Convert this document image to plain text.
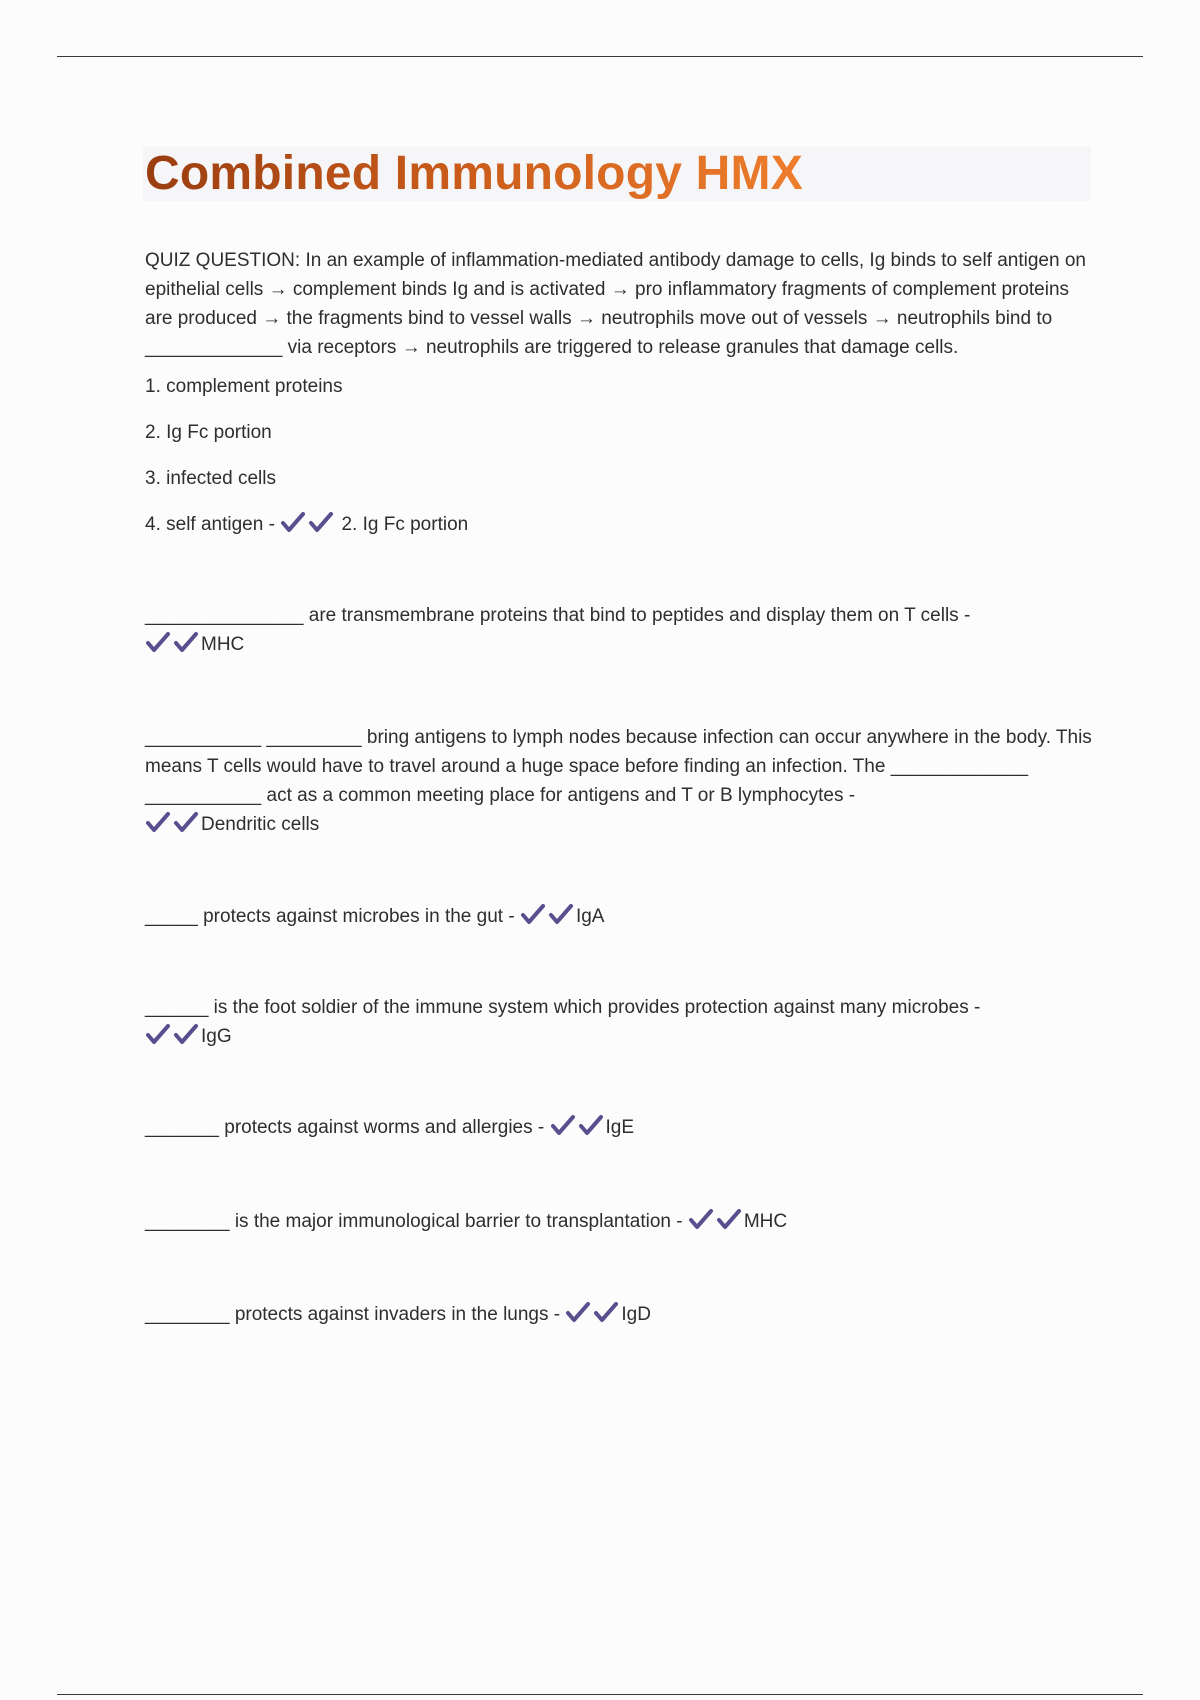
Combined Immunology HMX

QUIZ QUESTION: In an example of inflammation-mediated antibody damage to cells, Ig binds to self antigen on epithelial cells → complement binds Ig and is activated → pro inflammatory fragments of complement proteins are produced → the fragments bind to vessel walls → neutrophils move out of vessels → neutrophils bind to _____________ via receptors → neutrophils are triggered to release granules that damage cells.

1. complement proteins
2. Ig Fc portion
3. infected cells
4. self antigen -	2. Ig Fc portion

_______________ are transmembrane proteins that bind to peptides and display them on T cells -

MHC

___________ _________ bring antigens to lymph nodes because infection can occur anywhere in the body. This means T cells would have to travel around a huge space before finding an infection. The _____________ ___________ act as a common meeting place for antigens and T or B lymphocytes -

Dendritic cells

_____ protects against microbes in the gut -	IgA

______ is the foot soldier of the immune system which provides protection against many microbes -

IgG

_______ protects against worms and allergies -	IgE

________ is the major immunological barrier to transplantation -	MHC

________ protects against invaders in the lungs -	IgD
